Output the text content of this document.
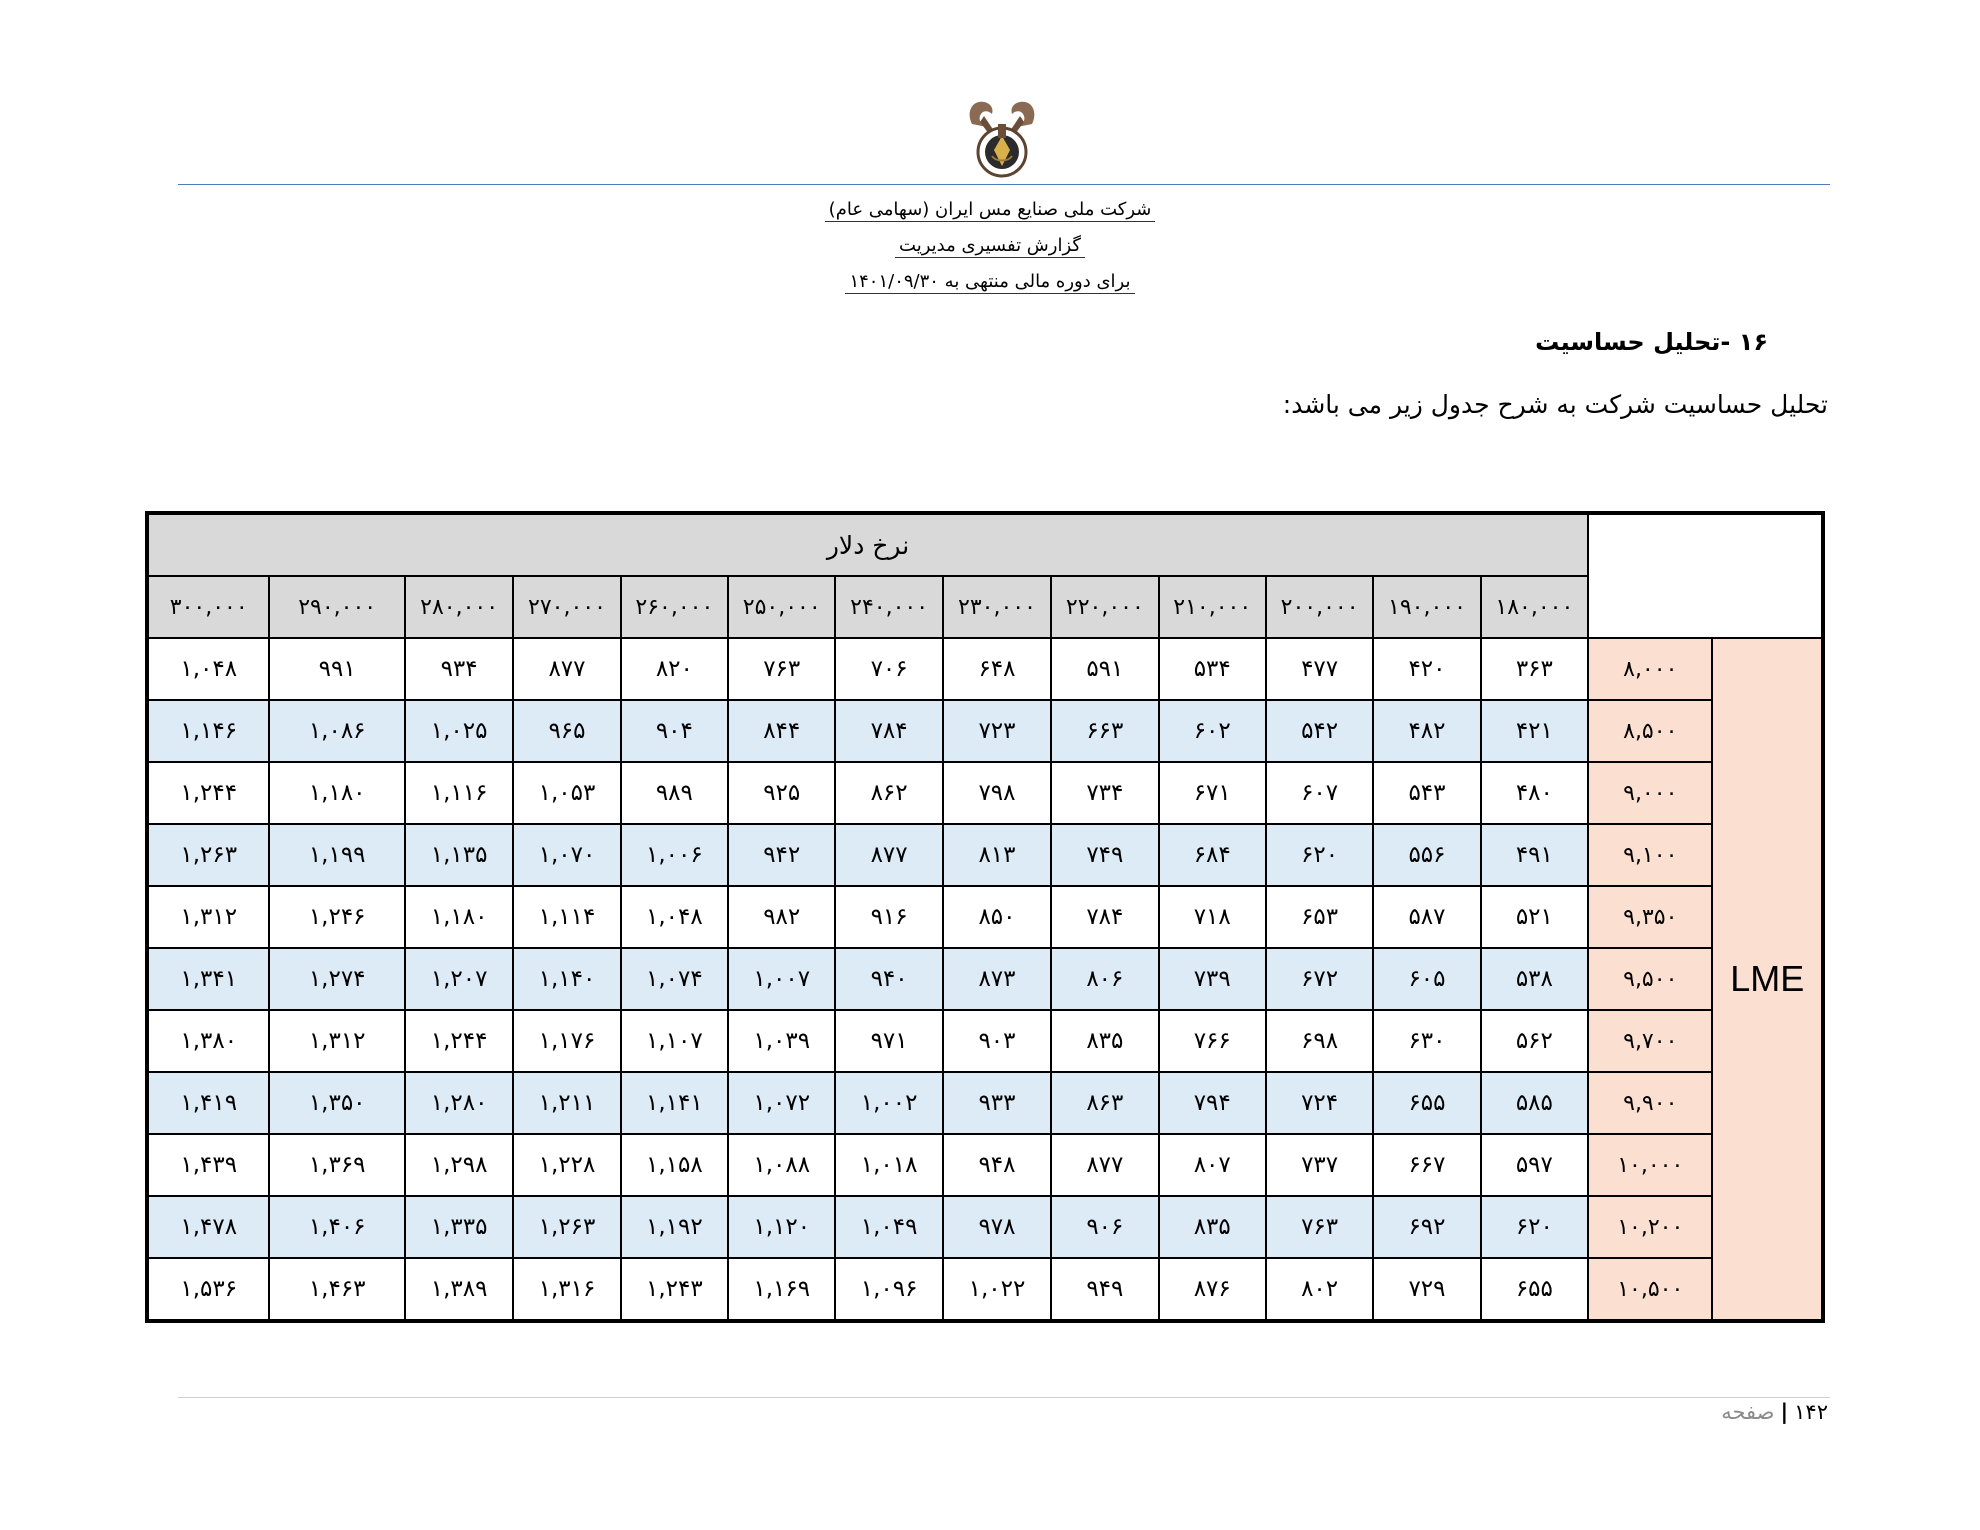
شرکت ملی صنایع مس ایران (سهامی عام)
گزارش تفسیری مدیریت
برای دوره مالی منتهی به ۱۴۰۱/۰۹/۳۰
۱۶ -تحلیل حساسیت
تحلیل حساسیت شرکت به شرح جدول زیر می باشد:
نرخ دلار														
۳۰۰,۰۰۰	۲۹۰,۰۰۰	۲۸۰,۰۰۰	۲۷۰,۰۰۰	۲۶۰,۰۰۰	۲۵۰,۰۰۰	۲۴۰,۰۰۰	۲۳۰,۰۰۰	۲۲۰,۰۰۰	۲۱۰,۰۰۰	۲۰۰,۰۰۰	۱۹۰,۰۰۰	۱۸۰,۰۰۰		
۱,۰۴۸	۹۹۱	۹۳۴	۸۷۷	۸۲۰	۷۶۳	۷۰۶	۶۴۸	۵۹۱	۵۳۴	۴۷۷	۴۲۰	۳۶۳	۸,۰۰۰	LME
۱,۱۴۶	۱,۰۸۶	۱,۰۲۵	۹۶۵	۹۰۴	۸۴۴	۷۸۴	۷۲۳	۶۶۳	۶۰۲	۵۴۲	۴۸۲	۴۲۱	۸,۵۰۰	
۱,۲۴۴	۱,۱۸۰	۱,۱۱۶	۱,۰۵۳	۹۸۹	۹۲۵	۸۶۲	۷۹۸	۷۳۴	۶۷۱	۶۰۷	۵۴۳	۴۸۰	۹,۰۰۰	
۱,۲۶۳	۱,۱۹۹	۱,۱۳۵	۱,۰۷۰	۱,۰۰۶	۹۴۲	۸۷۷	۸۱۳	۷۴۹	۶۸۴	۶۲۰	۵۵۶	۴۹۱	۹,۱۰۰	
۱,۳۱۲	۱,۲۴۶	۱,۱۸۰	۱,۱۱۴	۱,۰۴۸	۹۸۲	۹۱۶	۸۵۰	۷۸۴	۷۱۸	۶۵۳	۵۸۷	۵۲۱	۹,۳۵۰	
۱,۳۴۱	۱,۲۷۴	۱,۲۰۷	۱,۱۴۰	۱,۰۷۴	۱,۰۰۷	۹۴۰	۸۷۳	۸۰۶	۷۳۹	۶۷۲	۶۰۵	۵۳۸	۹,۵۰۰	
۱,۳۸۰	۱,۳۱۲	۱,۲۴۴	۱,۱۷۶	۱,۱۰۷	۱,۰۳۹	۹۷۱	۹۰۳	۸۳۵	۷۶۶	۶۹۸	۶۳۰	۵۶۲	۹,۷۰۰	
۱,۴۱۹	۱,۳۵۰	۱,۲۸۰	۱,۲۱۱	۱,۱۴۱	۱,۰۷۲	۱,۰۰۲	۹۳۳	۸۶۳	۷۹۴	۷۲۴	۶۵۵	۵۸۵	۹,۹۰۰	
۱,۴۳۹	۱,۳۶۹	۱,۲۹۸	۱,۲۲۸	۱,۱۵۸	۱,۰۸۸	۱,۰۱۸	۹۴۸	۸۷۷	۸۰۷	۷۳۷	۶۶۷	۵۹۷	۱۰,۰۰۰	
۱,۴۷۸	۱,۴۰۶	۱,۳۳۵	۱,۲۶۳	۱,۱۹۲	۱,۱۲۰	۱,۰۴۹	۹۷۸	۹۰۶	۸۳۵	۷۶۳	۶۹۲	۶۲۰	۱۰,۲۰۰	
۱,۵۳۶	۱,۴۶۳	۱,۳۸۹	۱,۳۱۶	۱,۲۴۳	۱,۱۶۹	۱,۰۹۶	۱,۰۲۲	۹۴۹	۸۷۶	۸۰۲	۷۲۹	۶۵۵	۱۰,۵۰۰	
۱۴۲|صفحه
